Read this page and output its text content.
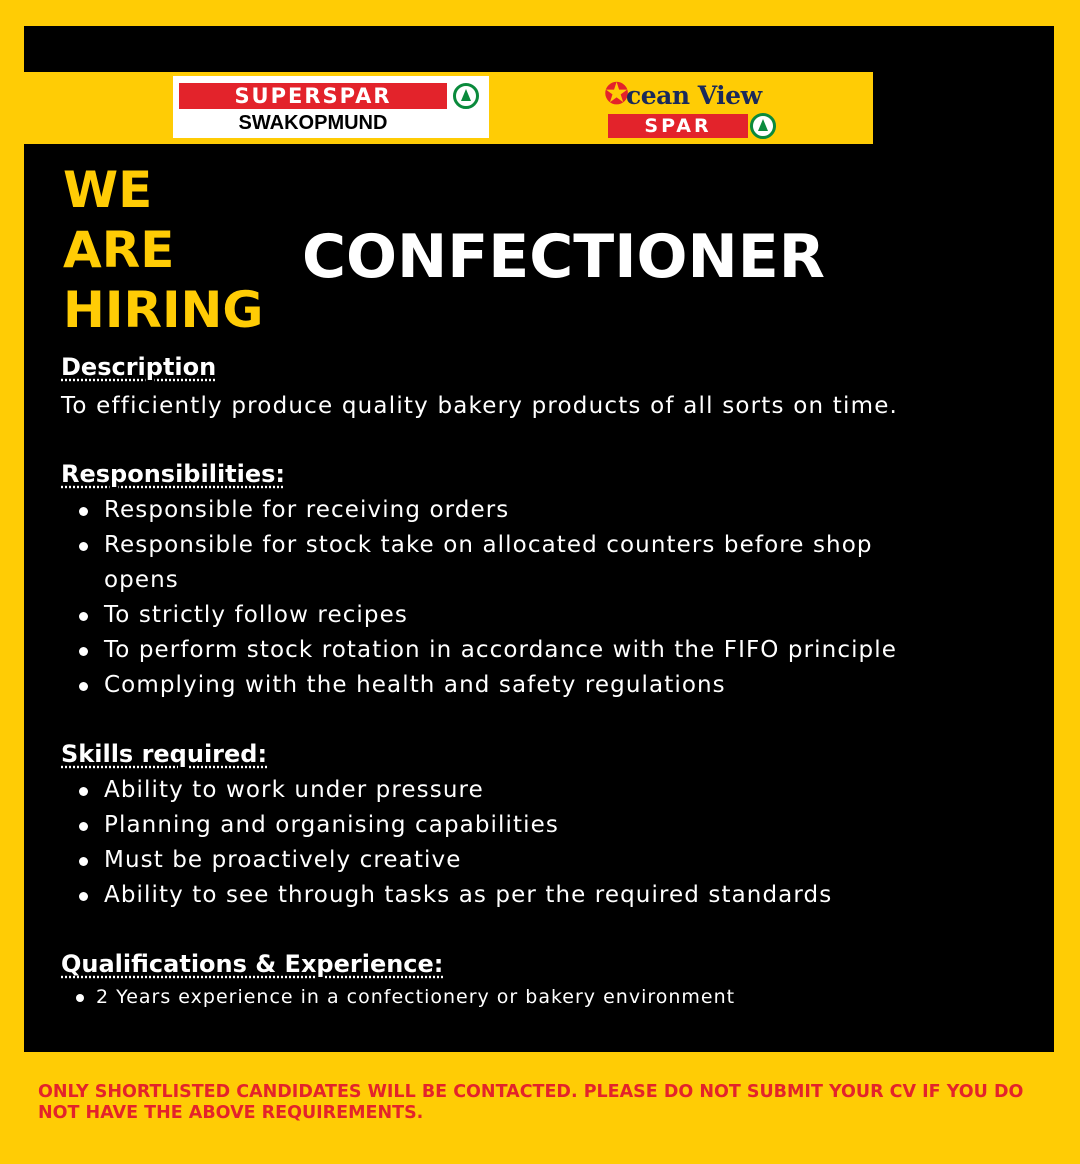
SUPERSPAR
SWAKOPMUND
✪
cean View
SPAR
WE
ARE
HIRING
CONFECTIONER
Description
To efficiently produce quality bakery products of all sorts on time.
Responsibilities:
Responsible for receiving orders
Responsible for stock take on allocated counters before shop opens
To strictly follow recipes
To perform stock rotation in accordance with the FIFO principle
Complying with the health and safety regulations
Skills required:
Ability to work under pressure
Planning and organising capabilities
Must be proactively creative
Ability to see through tasks as per the required standards
Qualifications & Experience:
2 Years experience in a confectionery or bakery environment
ONLY SHORTLISTED CANDIDATES WILL BE CONTACTED. PLEASE DO NOT SUBMIT YOUR CV IF YOU DO NOT HAVE THE ABOVE REQUIREMENTS.
